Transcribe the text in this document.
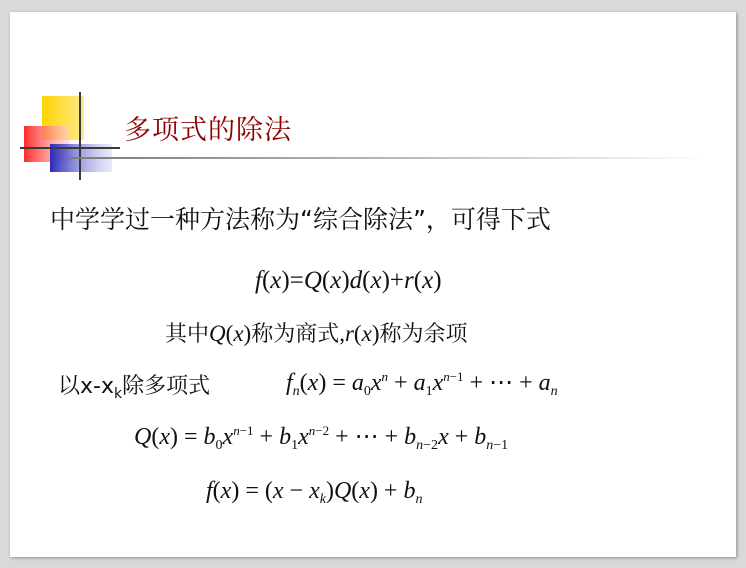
多项式的除法
中学学过一种方法称为“综合除法”，可得下式
f(x)=Q(x)d(x)+r(x)
其中Q(x)称为商式,r(x)称为余项
以$x-x_k$除多项式	$f_n(x) = a_0x^n + a_1x^{n-1}$ + ⋯ + $a_n$
$Q(x) = b_0x^{n-1} + b_1x^{n-2}$ + ⋯ + $b_{n-2}x + b_{n-1}$
$f(x) = (x - x_k)Q(x) + b_n$
